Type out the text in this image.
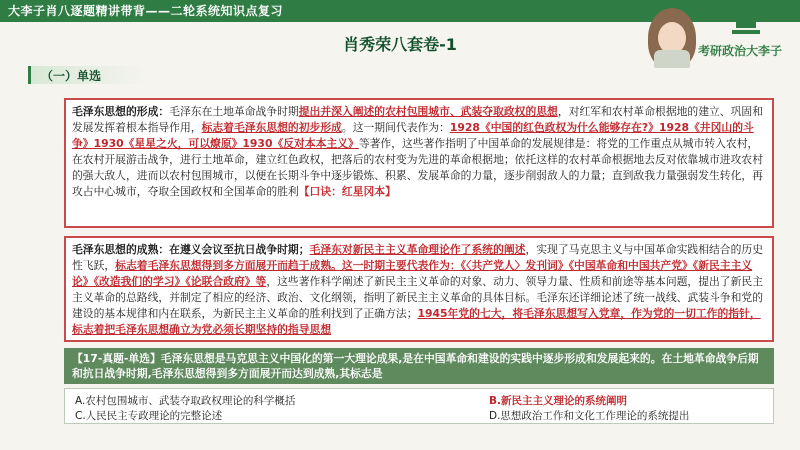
大李子肖八逐题精讲带背——二轮系统知识点复习
考研政治大李子
肖秀荣八套卷-1
（一）单选
毛泽东思想的形成：毛泽东在土地革命战争时期提出并深入阐述的农村包围城市、武装夺取政权的思想，对红军和农村革命根据地的建立、巩固和发展发挥着根本指导作用，标志着毛泽东思想的初步形成。这一期间代表作为：1928《中国的红色政权为什么能够存在?》1928《井冈山的斗争》1930《星星之火，可以燎原》1930《反对本本主义》等著作，这些著作指明了中国革命的发展规律是：将党的工作重点从城市转入农村，在农村开展游击战争，进行土地革命，建立红色政权，把落后的农村变为先进的革命根据地；依托这样的农村革命根据地去反对依靠城市进攻农村的强大敌人，进而以农村包围城市，以便在长期斗争中逐步锻炼、积累、发展革命的力量，逐步削弱敌人的力量；直到敌我力量强弱发生转化，再攻占中心城市，夺取全国政权和全国革命的胜利【口诀：红星冈本】
毛泽东思想的成熟：在遵义会议至抗日战争时期；毛泽东对新民主主义革命理论作了系统的阐述，实现了马克思主义与中国革命实践相结合的历史性飞跃，标志着毛泽东思想得到多方面展开而趋于成熟。这一时期主要代表作为：《〈共产党人〉发刊词》《中国革命和中国共产党》《新民主主义论》《改造我们的学习》《论联合政府》等，这些著作科学阐述了新民主主义革命的对象、动力、领导力量、性质和前途等基本问题，提出了新民主主义革命的总路线，并制定了相应的经济、政治、文化纲领，指明了新民主主义革命的具体目标。毛泽东还详细论述了统一战线、武装斗争和党的建设的基本规律和内在联系，为新民主主义革命的胜利找到了正确方法；1945年党的七大，将毛泽东思想写入党章，作为党的一切工作的指针，标志着把毛泽东思想确立为党必须长期坚持的指导思想
【17-真题-单选】毛泽东思想是马克思主义中国化的第一大理论成果,是在中国革命和建设的实践中逐步形成和发展起来的。在土地革命战争后期和抗日战争时期,毛泽东思想得到多方面展开而达到成熟,其标志是
A.农村包围城市、武装夺取政权理论的科学概括	B.新民主主义理论的系统阐明
C.人民民主专政理论的完整论述	D.思想政治工作和文化工作理论的系统提出
